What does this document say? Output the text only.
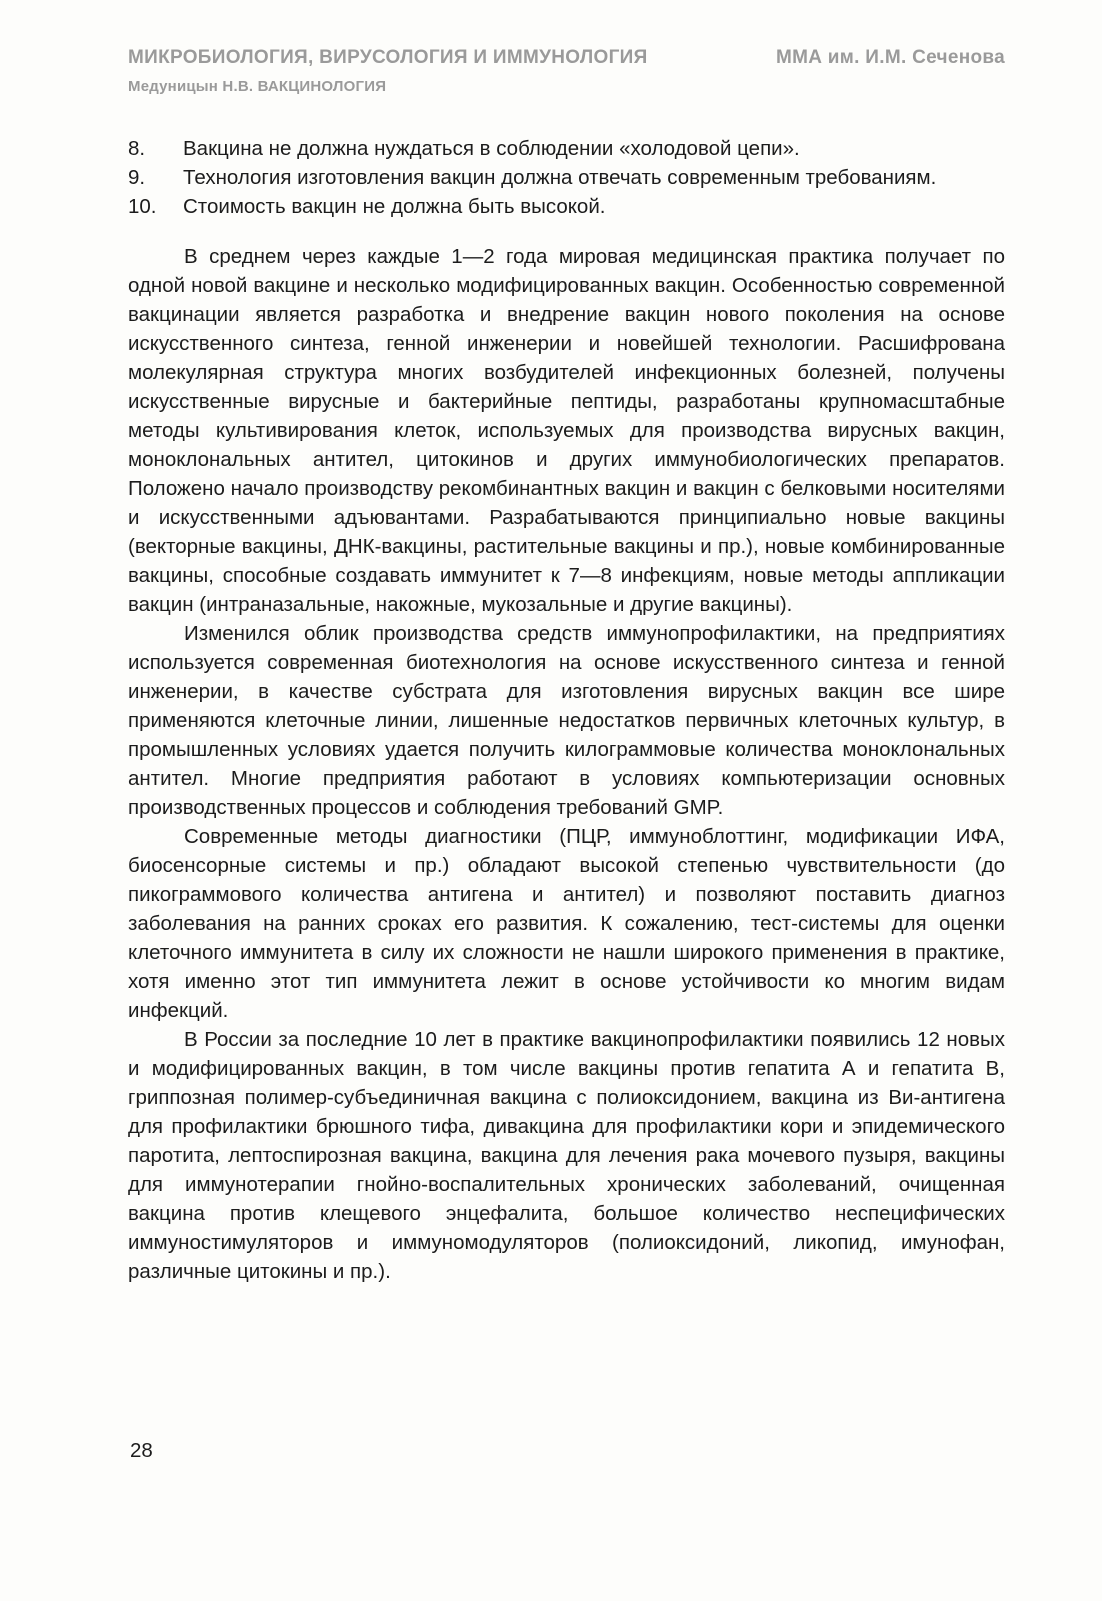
МИКРОБИОЛОГИЯ, ВИРУСОЛОГИЯ И ИММУНОЛОГИЯ	ММА им. И.М. Сеченова
Медуницын Н.В. ВАКЦИНОЛОГИЯ
8.	Вакцина не должна нуждаться в соблюдении «холодовой цепи».
9.	Технология изготовления вакцин должна отвечать современным требованиям.
10.	Стоимость вакцин не должна быть высокой.

В среднем через каждые 1—2 года мировая медицинская практика получает по одной новой вакцине и несколько модифицированных вакцин. Особенностью современной вакцинации является разработка и внедрение вакцин нового поколения на основе искусственного синтеза, генной инженерии и новейшей технологии. Расшифрована молекулярная структура многих возбудителей инфекционных болезней, получены искусственные вирусные и бактерийные пептиды, разработаны крупномасштабные методы культивирования клеток, используемых для производства вирусных вакцин, моноклональных антител, цитокинов и других иммунобиологических препаратов. Положено начало производству рекомбинантных вакцин и вакцин с белковыми носителями и искусственными адъювантами. Разрабатываются принципиально новые вакцины (векторные вакцины, ДНК-вакцины, растительные вакцины и пр.), новые комбинированные вакцины, способные создавать иммунитет к 7—8 инфекциям, новые методы аппликации вакцин (интраназальные, накожные, мукозальные и другие вакцины).

Изменился облик производства средств иммунопрофилактики, на предприятиях используется современная биотехнология на основе искусственного синтеза и генной инженерии, в качестве субстрата для изготовления вирусных вакцин все шире применяются клеточные линии, лишенные недостатков первичных клеточных культур, в промышленных условиях удается получить килограммовые количества моноклональных антител. Многие предприятия работают в условиях компьютеризации основных производственных процессов и соблюдения требований GMP.

Современные методы диагностики (ПЦР, иммуноблоттинг, модификации ИФА, биосенсорные системы и пр.) обладают высокой степенью чувствительности (до пикограммового количества антигена и антител) и позволяют поставить диагноз заболевания на ранних сроках его развития. К сожалению, тест-системы для оценки клеточного иммунитета в силу их сложности не нашли широкого применения в практике, хотя именно этот тип иммунитета лежит в основе устойчивости ко многим видам инфекций.

В России за последние 10 лет в практике вакцинопрофилактики появились 12 новых и модифицированных вакцин, в том числе вакцины против гепатита А и гепатита В, гриппозная полимер-субъединичная вакцина с полиоксидонием, вакцина из Ви-антигена для профилактики брюшного тифа, дивакцина для профилактики кори и эпидемического паротита, лептоспирозная вакцина, вакцина для лечения рака мочевого пузыря, вакцины для иммунотерапии гнойно-воспалительных хронических заболеваний, очищенная вакцина против клещевого энцефалита, большое количество неспецифических иммуностимуляторов и иммуномодуляторов (полиоксидоний, ликопид, имунофан, различные цитокины и пр.).

28
